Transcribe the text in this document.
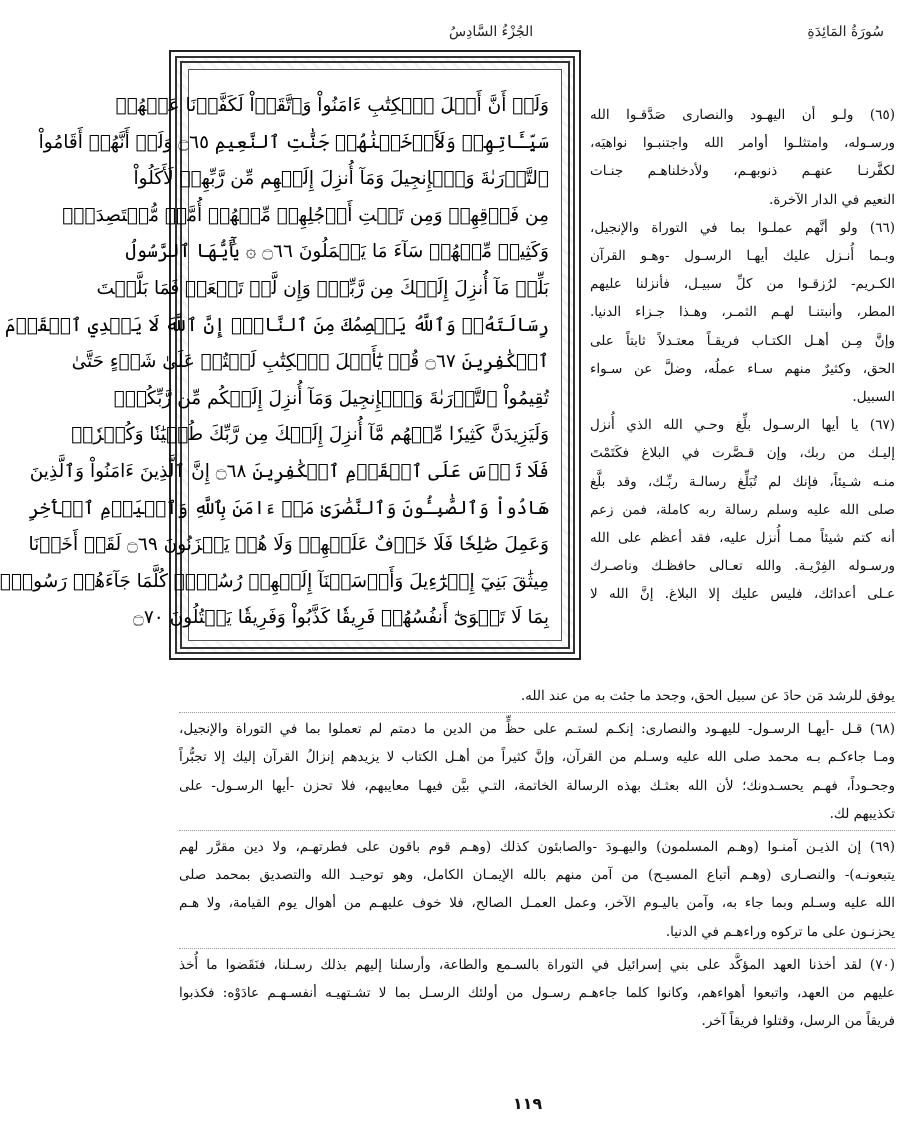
سُورَةُ المَائِدَةِ
الجُزْءُ السَّادِسُ
وَلَوۡ أَنَّ أَهۡلَ ٱلۡكِتَٰبِ ءَامَنُواْ وَٱتَّقَوۡاْ لَكَفَّرۡنَا عَنۡهُمۡ
سَيِّـَٔاتِهِمۡ وَلَأَدۡخَلۡنَٰهُمۡ جَنَّٰتِ ٱلنَّعِيمِ ۝٦٥ وَلَوۡ أَنَّهُمۡ أَقَامُواْ
ٱلتَّوۡرَىٰةَ وَٱلۡإِنجِيلَ وَمَآ أُنزِلَ إِلَيۡهِم مِّن رَّبِّهِمۡ لَأَكَلُواْ
مِن فَوۡقِهِمۡ وَمِن تَحۡتِ أَرۡجُلِهِمۚ مِّنۡهُمۡ أُمَّةٞ مُّقۡتَصِدَةٞۖ
وَكَثِيرٞ مِّنۡهُمۡ سَآءَ مَا يَعۡمَلُونَ ۝٦٦ ۞ يَٰٓأَيُّهَا ٱلرَّسُولُ
بَلِّغۡ مَآ أُنزِلَ إِلَيۡكَ مِن رَّبِّكَۖ وَإِن لَّمۡ تَفۡعَلۡ فَمَا بَلَّغۡتَ
رِسَالَتَهُۥۚ وَٱللَّهُ يَعۡصِمُكَ مِنَ ٱلنَّاسِۗ إِنَّ ٱللَّهَ لَا يَهۡدِي ٱلۡقَوۡمَ
ٱلۡكَٰفِرِينَ ۝٦٧ قُلۡ يَٰٓأَهۡلَ ٱلۡكِتَٰبِ لَسۡتُمۡ عَلَىٰ شَيۡءٍ حَتَّىٰ
تُقِيمُواْ ٱلتَّوۡرَىٰةَ وَٱلۡإِنجِيلَ وَمَآ أُنزِلَ إِلَيۡكُم مِّن رَّبِّكُمۡۗ
وَلَيَزِيدَنَّ كَثِيرٗا مِّنۡهُم مَّآ أُنزِلَ إِلَيۡكَ مِن رَّبِّكَ طُغۡيَٰنٗا وَكُفۡرٗاۖ
فَلَا تَأۡسَ عَلَى ٱلۡقَوۡمِ ٱلۡكَٰفِرِينَ ۝٦٨ إِنَّ ٱلَّذِينَ ءَامَنُواْ وَٱلَّذِينَ
هَادُواْ وَٱلصَّٰبِـُٔونَ وَٱلنَّصَٰرَىٰ مَنۡ ءَامَنَ بِٱللَّهِ وَٱلۡيَوۡمِ ٱلۡأٓخِرِ
وَعَمِلَ صَٰلِحٗا فَلَا خَوۡفٌ عَلَيۡهِمۡ وَلَا هُمۡ يَحۡزَنُونَ ۝٦٩ لَقَدۡ أَخَذۡنَا
مِيثَٰقَ بَنِيٓ إِسۡرَٰٓءِيلَ وَأَرۡسَلۡنَآ إِلَيۡهِمۡ رُسُلٗاۖ كُلَّمَا جَآءَهُمۡ رَسُولُۢ
بِمَا لَا تَهۡوَىٰٓ أَنفُسُهُمۡ فَرِيقٗا كَذَّبُواْ وَفَرِيقٗا يَقۡتُلُونَ ۝٧٠
(٦٥) ولـو أن اليهـود والنصارى صَدَّقـوا الله
ورسـوله، وامتثلـوا أوامر الله واجتنبـوا نواهيَه،
لكفَّرنـا عنهـم ذنوبهـم، ولأدخلناهـم جنـات
النعيم في الدار الآخرة.
(٦٦) ولو أنَّهم عملـوا بما في التوراة والإنجيل،
وبـما أُنـزل عليك أيهـا الرسـول -وهـو القرآن
الكـريم- لرُزقـوا من كلِّ سبيـل، فأنزلنا عليهم
المطر، وأنبتنـا لهـم الثمـر، وهـذا جـزاء الدنيا.
وإنَّ مِـن أهـل الكتـاب فريقـاً معتـدلاً ثابتاً على
الحق، وكثيرٌ منهم سـاء عملُه، وضلَّ عن سـواء
السبيل.
(٦٧) يا أيها الرسـول بلِّغ وحـي الله الذي أُنزل
إليـك من ربك، وإن قـصَّرت في البلاغ فكَتَمْتَ
منـه شـيئاً، فإنك لم تُبَلِّغ رسالـة ربِّـك، وقد بلَّغ
صلى الله عليه وسلم رسالة ربه كاملة، فمن زعم
أنه كتم شيئاً ممـا أُنزل عليه، فقد أعظم على الله
ورسـوله الفِرْيـة. والله تعـالى حافظـك وناصـرك
عـلى أعدائك، فليس عليك إلا البلاغ. إنَّ الله لا
يوفق للرشد مَن حادَ عن سبيل الحق، وجحد ما جئت به من عند الله.
(٦٨) قـل -أيهـا الرسـول- لليهـود والنصارى: إنكـم لستـم على حظٍّ من الدين ما دمتم لم تعملوا بما في التوراة والإنجيل،
ومـا جاءكـم بـه محمد صلى الله عليه وسـلم من القرآن، وإنَّ كثيراً من أهـل الكتاب لا يزيدهم إنزالُ القرآن إليك إلا تجبُّراً
وجحـوداً، فهـم يحسـدونك؛ لأن الله بعثـك بهذه الرسالة الخاتمة، التـي بيَّن فيهـا معايبهم، فلا تحزن -أيها الرسـول- على
تكذيبهم لك.
(٦٩) إن الذيـن آمنـوا (وهـم المسلمون) واليهـودَ -والصابئون كذلك (وهـم قوم باقون على فطرتهـم، ولا دين مقرَّر لهم
يتبعونـه)- والنصـارى (وهـم أتباع المسيـح) من آمن منهم بالله الإيمـان الكامل، وهو توحيـد الله والتصديق بمحمد صلى
الله عليه وسـلم وبما جاء به، وآمن باليـوم الآخر، وعمل العمـل الصالح، فلا خوف عليهـم من أهوال يوم القيامة، ولا هـم
يحزنـون على ما تركوه وراءهـم في الدنيا.
(٧٠) لقد أخذنا العهد المؤكَّد على بني إسرائيل في التوراة بالسـمع والطاعة، وأرسلنا إليهم بذلك رسـلنا، فنَقَضوا ما أُخذ
عليهم من العهد، واتبعوا أهواءهم، وكانوا كلما جاءهـم رسـول من أولئك الرسـل بما لا تشـتهيـه أنفسـهـم عادَوْه: فكذبوا
فريقاً من الرسل، وقتلوا فريقاً آخر.
١١٩
